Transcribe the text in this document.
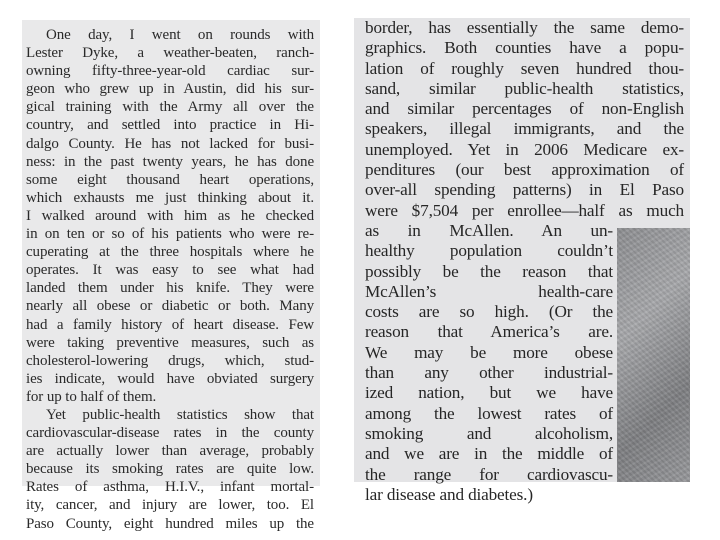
One day, I went on rounds with
Lester Dyke, a weather-beaten, ranch-
owning fifty-three-year-old cardiac sur-
geon who grew up in Austin, did his sur-
gical training with the Army all over the
country, and settled into practice in Hi-
dalgo County. He has not lacked for busi-
ness: in the past twenty years, he has done
some eight thousand heart operations,
which exhausts me just thinking about it.
I walked around with him as he checked
in on ten or so of his patients who were re-
cuperating at the three hospitals where he
operates. It was easy to see what had
landed them under his knife. They were
nearly all obese or diabetic or both. Many
had a family history of heart disease. Few
were taking preventive measures, such as
cholesterol-lowering drugs, which, stud-
ies indicate, would have obviated surgery
for up to half of them.
Yet public-health statistics show that
cardiovascular-disease rates in the county
are actually lower than average, probably
because its smoking rates are quite low.
Rates of asthma, H.I.V., infant mortal-
ity, cancer, and injury are lower, too. El
Paso County, eight hundred miles up the
border, has essentially the same demo-
graphics. Both counties have a popu-
lation of roughly seven hundred thou-
sand, similar public-health statistics,
and similar percentages of non-English
speakers, illegal immigrants, and the
unemployed. Yet in 2006 Medicare ex-
penditures (our best approximation of
over-all spending patterns) in El Paso
were $7,504 per enrollee—half as much
as in McAllen. An un-
healthy population couldn’t
possibly be the reason that
McAllen’s health-care
costs are so high. (Or the
reason that America’s are.
We may be more obese
than any other industrial-
ized nation, but we have
among the lowest rates of
smoking and alcoholism,
and we are in the middle of
the range for cardiovascu-
lar disease and diabetes.)
